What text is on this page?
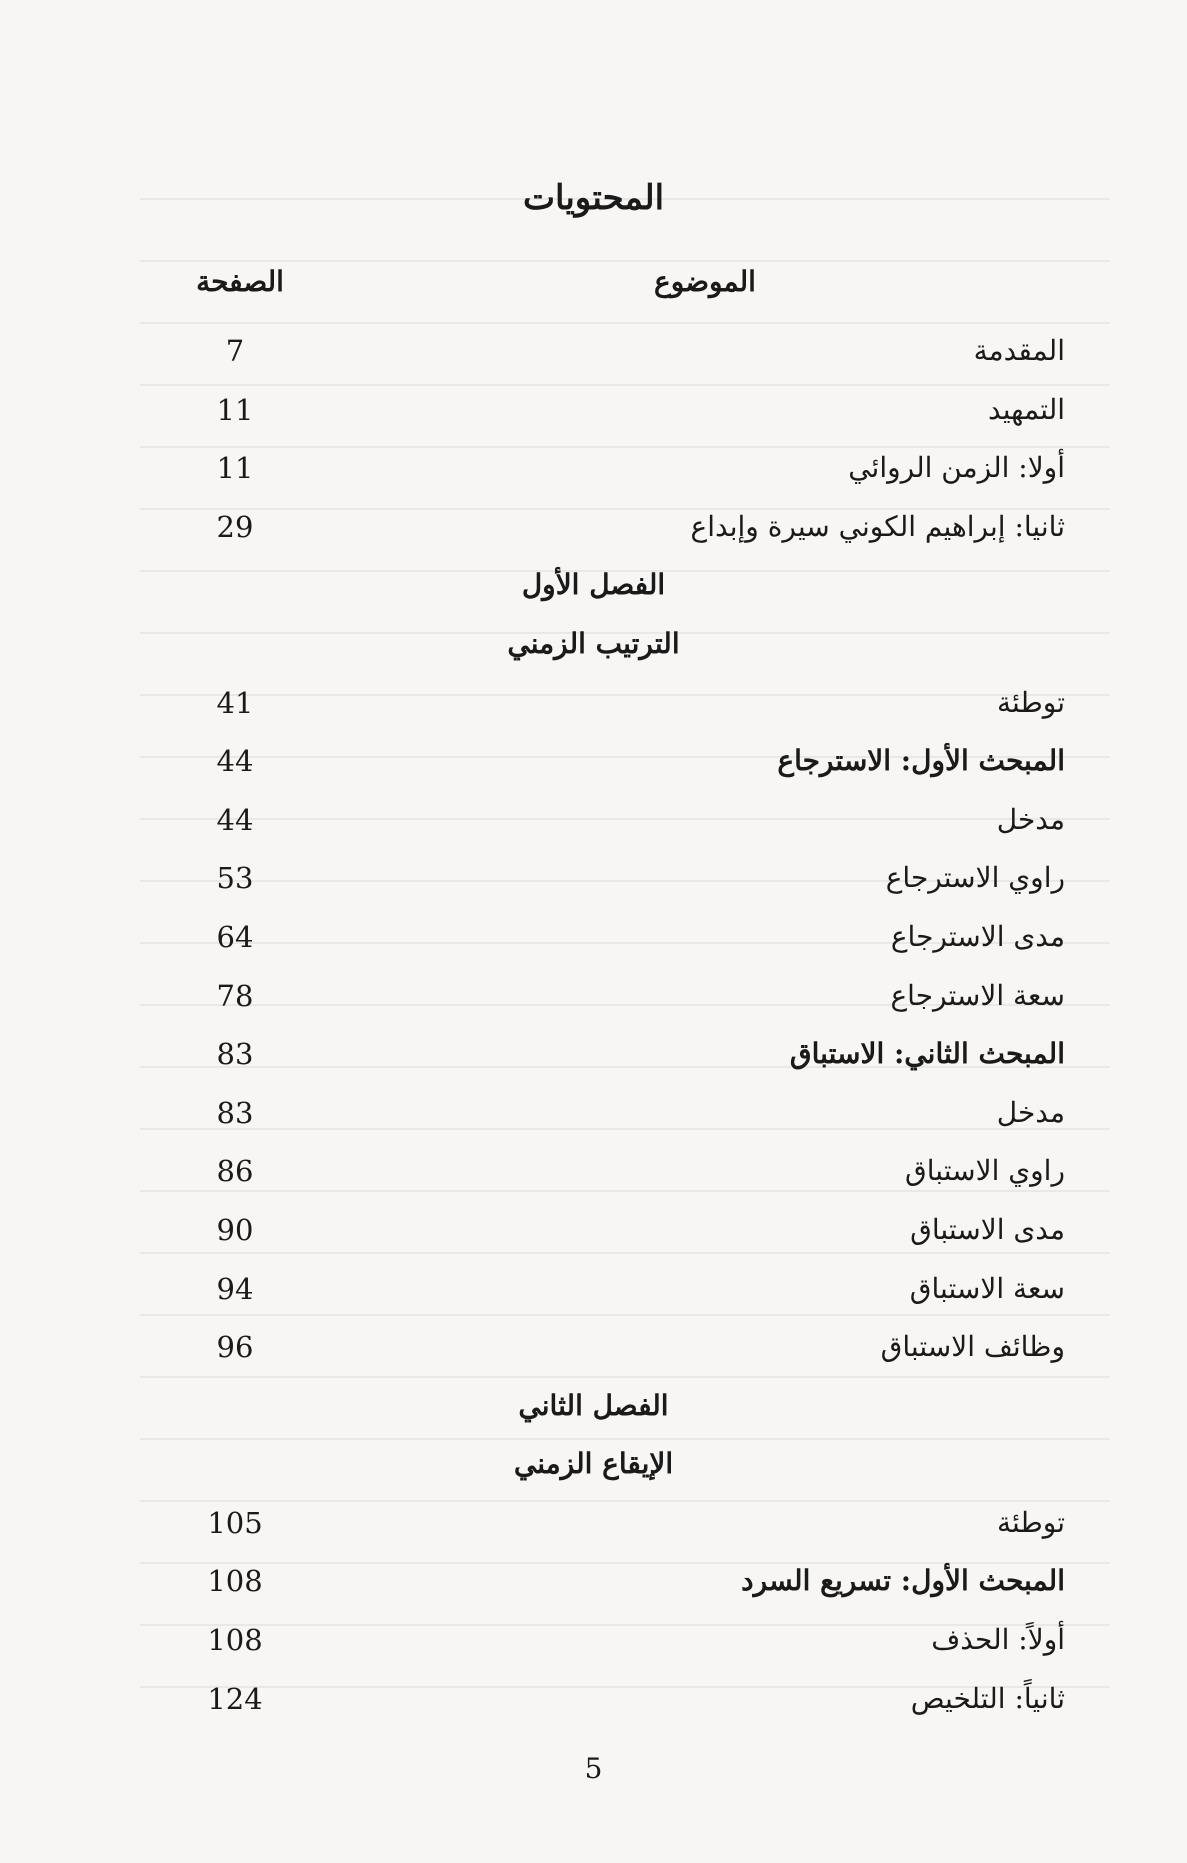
المحتويات
الموضوع
الصفحة
المقدمة
7
التمهيد
11
أولا: الزمن الروائي
11
ثانيا: إبراهيم الكوني سيرة وإبداع
29
الفصل الأول
الترتيب الزمني
توطئة
41
المبحث الأول: الاسترجاع
44
مدخل
44
راوي الاسترجاع
53
مدى الاسترجاع
64
سعة الاسترجاع
78
المبحث الثاني: الاستباق
83
مدخل
83
راوي الاستباق
86
مدى الاستباق
90
سعة الاستباق
94
وظائف الاستباق
96
الفصل الثاني
الإيقاع الزمني
توطئة
105
المبحث الأول: تسريع السرد
108
أولاً: الحذف
108
ثانياً: التلخيص
124
5
